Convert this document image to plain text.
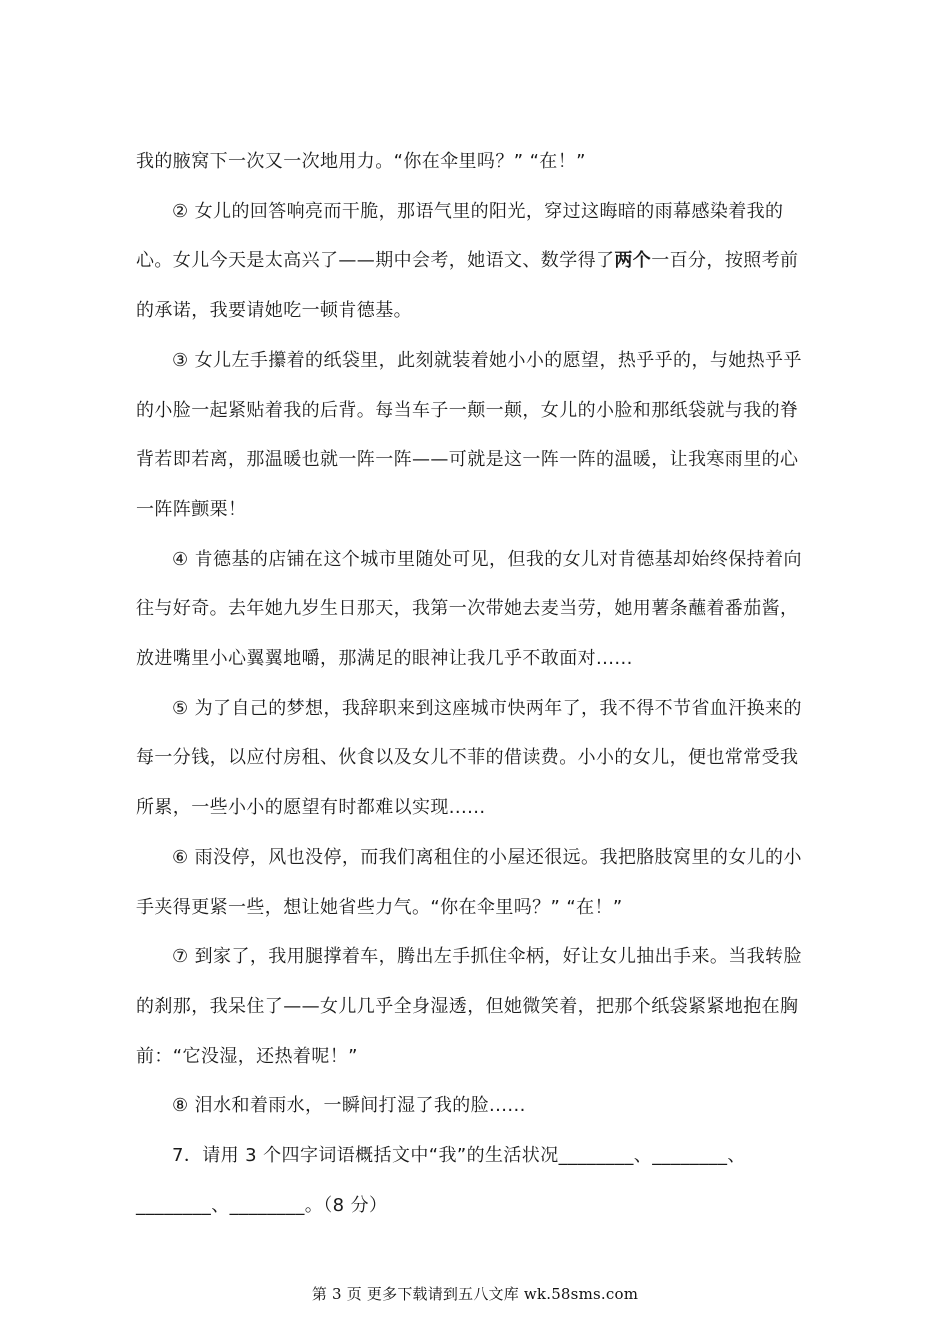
我的腋窝下一次又一次地用力。“你在伞里吗？” “在！”

② 女儿的回答响亮而干脆，那语气里的阳光，穿过这晦暗的雨幕感染着我的心。女儿今天是太高兴了——期中会考，她语文、数学得了两个一百分，按照考前的承诺，我要请她吃一顿肯德基。

③ 女儿左手攥着的纸袋里，此刻就装着她小小的愿望，热乎乎的，与她热乎乎的小脸一起紧贴着我的后背。每当车子一颠一颠，女儿的小脸和那纸袋就与我的脊背若即若离，那温暖也就一阵一阵——可就是这一阵一阵的温暖，让我寒雨里的心一阵阵颤栗！

④ 肯德基的店铺在这个城市里随处可见，但我的女儿对肯德基却始终保持着向往与好奇。去年她九岁生日那天，我第一次带她去麦当劳，她用薯条蘸着番茄酱，放进嘴里小心翼翼地嚼，那满足的眼神让我几乎不敢面对......

⑤ 为了自己的梦想，我辞职来到这座城市快两年了，我不得不节省血汗换来的每一分钱，以应付房租、伙食以及女儿不菲的借读费。小小的女儿，便也常常受我所累，一些小小的愿望有时都难以实现......

⑥ 雨没停，风也没停，而我们离租住的小屋还很远。我把胳肢窝里的女儿的小手夹得更紧一些，想让她省些力气。“你在伞里吗？” “在！”

⑦ 到家了，我用腿撑着车，腾出左手抓住伞柄，好让女儿抽出手来。当我转脸的刹那，我呆住了——女儿几乎全身湿透，但她微笑着，把那个纸袋紧紧地抱在胸前：“它没湿，还热着呢！”

⑧ 泪水和着雨水，一瞬间打湿了我的脸......

7．请用 3 个四字词语概括文中“我”的生活状况________、________、________、________。（8 分）

第 3 页 更多下载请到五八文库 wk.58sms.com
